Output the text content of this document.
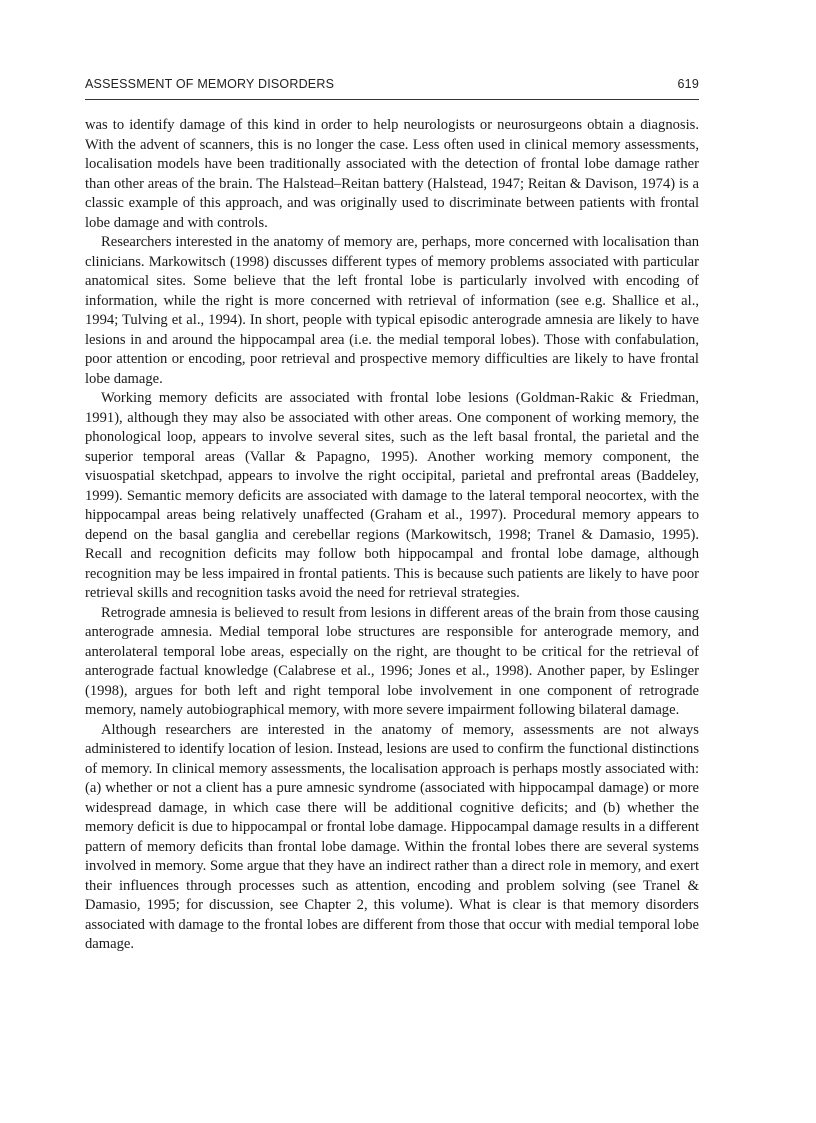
ASSESSMENT OF MEMORY DISORDERS	619

was to identify damage of this kind in order to help neurologists or neurosurgeons obtain a diagnosis. With the advent of scanners, this is no longer the case. Less often used in clinical memory assessments, localisation models have been traditionally associated with the detection of frontal lobe damage rather than other areas of the brain. The Halstead–Reitan battery (Halstead, 1947; Reitan & Davison, 1974) is a classic example of this approach, and was originally used to discriminate between patients with frontal lobe damage and with controls.

Researchers interested in the anatomy of memory are, perhaps, more concerned with localisation than clinicians. Markowitsch (1998) discusses different types of memory problems associated with particular anatomical sites. Some believe that the left frontal lobe is particularly involved with encoding of information, while the right is more concerned with retrieval of information (see e.g. Shallice et al., 1994; Tulving et al., 1994). In short, people with typical episodic anterograde amnesia are likely to have lesions in and around the hippocampal area (i.e. the medial temporal lobes). Those with confabulation, poor attention or encoding, poor retrieval and prospective memory difficulties are likely to have frontal lobe damage.

Working memory deficits are associated with frontal lobe lesions (Goldman-Rakic & Friedman, 1991), although they may also be associated with other areas. One component of working memory, the phonological loop, appears to involve several sites, such as the left basal frontal, the parietal and the superior temporal areas (Vallar & Papagno, 1995). Another working memory component, the visuospatial sketchpad, appears to involve the right occipital, parietal and prefrontal areas (Baddeley, 1999). Semantic memory deficits are associated with damage to the lateral temporal neocortex, with the hippocampal areas being relatively unaffected (Graham et al., 1997). Procedural memory appears to depend on the basal ganglia and cerebellar regions (Markowitsch, 1998; Tranel & Damasio, 1995). Recall and recognition deficits may follow both hippocampal and frontal lobe damage, although recognition may be less impaired in frontal patients. This is because such patients are likely to have poor retrieval skills and recognition tasks avoid the need for retrieval strategies.

Retrograde amnesia is believed to result from lesions in different areas of the brain from those causing anterograde amnesia. Medial temporal lobe structures are responsible for anterograde memory, and anterolateral temporal lobe areas, especially on the right, are thought to be critical for the retrieval of anterograde factual knowledge (Calabrese et al., 1996; Jones et al., 1998). Another paper, by Eslinger (1998), argues for both left and right temporal lobe involvement in one component of retrograde memory, namely autobiographical memory, with more severe impairment following bilateral damage.

Although researchers are interested in the anatomy of memory, assessments are not always administered to identify location of lesion. Instead, lesions are used to confirm the functional distinctions of memory. In clinical memory assessments, the localisation approach is perhaps mostly associated with: (a) whether or not a client has a pure amnesic syndrome (associated with hippocampal damage) or more widespread damage, in which case there will be additional cognitive deficits; and (b) whether the memory deficit is due to hippocampal or frontal lobe damage. Hippocampal damage results in a different pattern of memory deficits than frontal lobe damage. Within the frontal lobes there are several systems involved in memory. Some argue that they have an indirect rather than a direct role in memory, and exert their influences through processes such as attention, encoding and problem solving (see Tranel & Damasio, 1995; for discussion, see Chapter 2, this volume). What is clear is that memory disorders associated with damage to the frontal lobes are different from those that occur with medial temporal lobe damage.
